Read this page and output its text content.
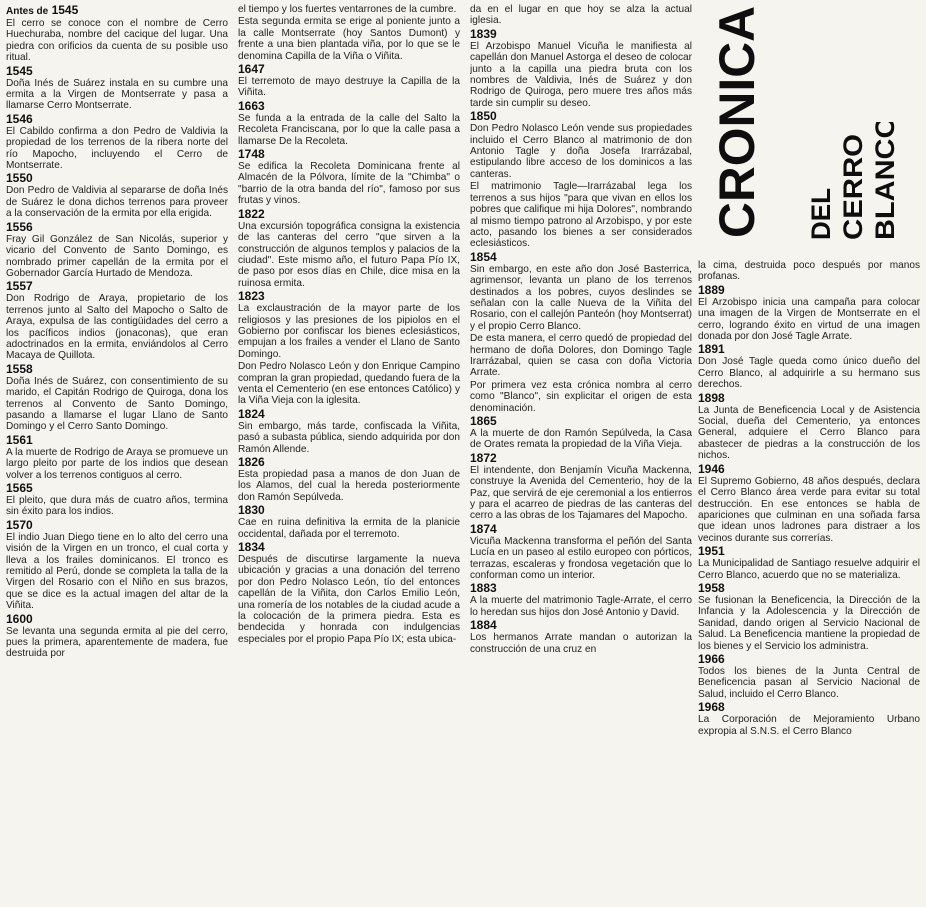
CRONICA DEL CERRO BLANCO
Antes de 1545

El cerro se conoce con el nombre de Cerro Huechuraba, nombre del cacique del lugar. Una piedra con orificios da cuenta de su posible uso ritual.

1545

Doña Inés de Suárez instala en su cumbre una ermita a la Virgen de Montserrate y pasa a llamarse Cerro Montserrate.

1546

El Cabildo confirma a don Pedro de Valdivia la propiedad de los terrenos de la ribera norte del río Mapocho, incluyendo el Cerro de Montserrate.

1550

Don Pedro de Valdivia al separarse de doña Inés de Suárez le dona dichos terrenos para proveer a la conservación de la ermita por ella erigida.

1556

Fray Gil González de San Nicolás, superior y vicario del Convento de Santo Domingo, es nombrado primer capellán de la ermita por el Gobernador García Hurtado de Mendoza.

1557

Don Rodrigo de Araya, propietario de los terrenos junto al Salto del Mapocho o Salto de Araya, expulsa de las contigüidades del cerro a los pacíficos indios (jonaconas), que eran adoctrinados en la ermita, enviándolos al Cerro Macaya de Quillota.

1558

Doña Inés de Suárez, con consentimiento de su marido, el Capitán Rodrigo de Quiroga, dona los terrenos al Convento de Santo Domingo, pasando a llamarse el lugar Llano de Santo Domingo y el Cerro Santo Domingo.

1561

A la muerte de Rodrigo de Araya se promueve un largo pleito por parte de los indios que desean volver a los terrenos contiguos al cerro.

1565

El pleito, que dura más de cuatro años, termina sin éxito para los indios.

1570

El indio Juan Diego tiene en lo alto del cerro una visión de la Virgen en un tronco, el cual corta y lleva a los frailes dominicanos. El tronco es remitido al Perú, donde se completa la talla de la Virgen del Rosario con el Niño en sus brazos, que se dice es la actual imagen del altar de la Viñita.

1600

Se levanta una segunda ermita al pie del cerro, pues la primera, aparentemente de madera, fue destruida por

el tiempo y los fuertes ventarrones de la cumbre.

Esta segunda ermita se erige al poniente junto a la calle Montserrate (hoy Santos Dumont) y frente a una bien plantada viña, por lo que se le denomina Capilla de la Viña o Viñita.

1647

El terremoto de mayo destruye la Capilla de la Viñita.

1663

Se funda a la entrada de la calle del Salto la Recoleta Franciscana, por lo que la calle pasa a llamarse De la Recoleta.

1748

Se edifica la Recoleta Dominicana frente al Almacén de la Pólvora, límite de la "Chimba" o "barrio de la otra banda del río", famoso por sus frutas y vinos.

1822

Una excursión topográfica consigna la existencia de las canteras del cerro "que sirven a la construcción de algunos templos y palacios de la ciudad". Este mismo año, el futuro Papa Pío IX, de paso por esos días en Chile, dice misa en la ruinosa ermita.

1823

La exclaustración de la mayor parte de los religiosos y las presiones de los pipiolos en el Gobierno por confiscar los bienes eclesiásticos, empujan a los frailes a vender el Llano de Santo Domingo.

Don Pedro Nolasco León y don Enrique Campino compran la gran propiedad, quedando fuera de la venta el Cementerio (en ese entonces Católico) y la Viña Vieja con la iglesita.

1824

Sin embargo, más tarde, confiscada la Viñita, pasó a subasta pública, siendo adquirida por don Ramón Allende.

1826

Esta propiedad pasa a manos de don Juan de los Alamos, del cual la hereda posteriormente don Ramón Sepúlveda.

1830

Cae en ruina definitiva la ermita de la planicie occidental, dañada por el terremoto.

1834

Después de discutirse largamente la nueva ubicación y gracias a una donación del terreno por don Pedro Nolasco León, tío del entonces capellán de la Viñita, don Carlos Emilio León, una romería de los notables de la ciudad acude a la colocación de la primera piedra. Esta es bendecida y honrada con indulgencias especiales por el propio Papa Pío IX; esta ubica-

da en el lugar en que hoy se alza la actual iglesia.

1839

El Arzobispo Manuel Vicuña le manifiesta al capellán don Manuel Astorga el deseo de colocar junto a la capilla una piedra bruta con los nombres de Valdivia, Inés de Suárez y don Rodrigo de Quiroga, pero muere tres años más tarde sin cumplir su deseo.

1850

Don Pedro Nolasco León vende sus propiedades incluido el Cerro Blanco al matrimonio de don Antonio Tagle y doña Josefa Irarrázabal, estipulando libre acceso de los dominicos a las canteras.

El matrimonio Tagle—Irarrázabal lega los terrenos a sus hijos "para que vivan en ellos los pobres que califique mi hija Dolores", nombrando al mismo tiempo patrono al Arzobispo, y por este acto, pasando los bienes a ser considerados eclesiásticos.

1854

Sin embargo, en este año don José Basterrica, agrimensor, levanta un plano de los terrenos destinados a los pobres, cuyos deslindes se señalan con la calle Nueva de la Viñita del Rosario, con el callejón Panteón (hoy Montserrat) y el propio Cerro Blanco.

De esta manera, el cerro quedó de propiedad del hermano de doña Dolores, don Domingo Tagle Irarrázabal, quien se casa con doña Victoria Arrate.

Por primera vez esta crónica nombra al cerro como "Blanco", sin explicitar el origen de esta denominación.

1865

A la muerte de don Ramón Sepúlveda, la Casa de Orates remata la propiedad de la Viña Vieja.

1872

El intendente, don Benjamín Vicuña Mackenna, construye la Avenida del Cementerio, hoy de la Paz, que servirá de eje ceremonial a los entierros y para el acarreo de piedras de las canteras del cerro a las obras de los Tajamares del Mapocho.

1874

Vicuña Mackenna transforma el peñón del Santa Lucía en un paseo al estilo europeo con pórticos, terrazas, escaleras y frondosa vegetación que lo conforman como un interior.

1883

A la muerte del matrimonio Tagle-Arrate, el cerro lo heredan sus hijos don José Antonio y David.

1884

Los hermanos Arrate mandan o autorizan la construcción de una cruz en

la cima, destruida poco después por manos profanas.

1889

El Arzobispo inicia una campaña para colocar una imagen de la Virgen de Montserrate en el cerro, logrando éxito en virtud de una imagen donada por don José Tagle Arrate.

1891

Don José Tagle queda como único dueño del Cerro Blanco, al adquirirle a su hermano sus derechos.

1898

La Junta de Beneficencia Local y de Asistencia Social, dueña del Cementerio, ya entonces General, adquiere el Cerro Blanco para abastecer de piedras a la construcción de los nichos.

1946

El Supremo Gobierno, 48 años después, declara el Cerro Blanco área verde para evitar su total destrucción. En ese entonces se habla de apariciones que culminan en una soñada farsa que idean unos ladrones para distraer a los vecinos durante sus correrías.

1951

La Municipalidad de Santiago resuelve adquirir el Cerro Blanco, acuerdo que no se materializa.

1958

Se fusionan la Beneficencia, la Dirección de la Infancia y la Adolescencia y la Dirección de Sanidad, dando origen al Servicio Nacional de Salud. La Beneficencia mantiene la propiedad de los bienes y el Servicio los administra.

1966

Todos los bienes de la Junta Central de Beneficencia pasan al Servicio Nacional de Salud, incluido el Cerro Blanco.

1968

La Corporación de Mejoramiento Urbano expropia al S.N.S. el Cerro Blanco
